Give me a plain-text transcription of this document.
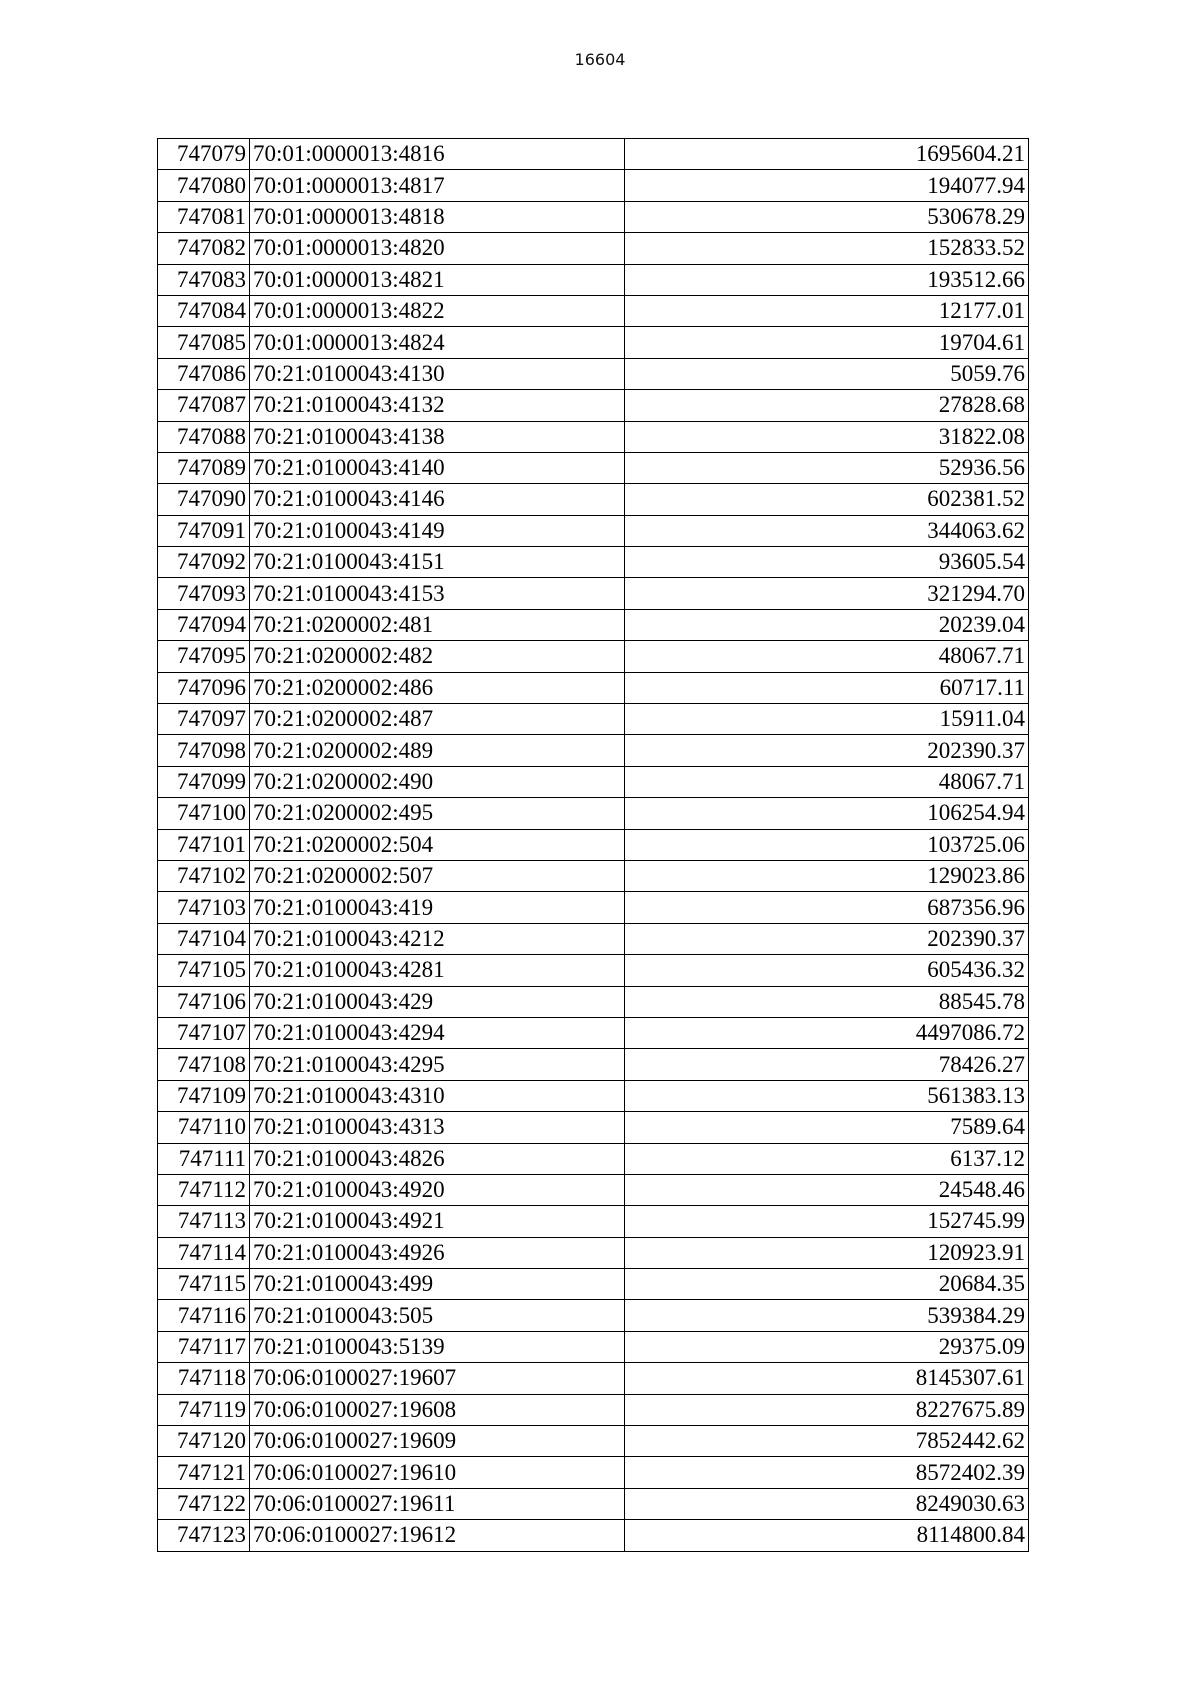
16604
747079	70:01:0000013:4816	1695604.21
747080	70:01:0000013:4817	194077.94
747081	70:01:0000013:4818	530678.29
747082	70:01:0000013:4820	152833.52
747083	70:01:0000013:4821	193512.66
747084	70:01:0000013:4822	12177.01
747085	70:01:0000013:4824	19704.61
747086	70:21:0100043:4130	5059.76
747087	70:21:0100043:4132	27828.68
747088	70:21:0100043:4138	31822.08
747089	70:21:0100043:4140	52936.56
747090	70:21:0100043:4146	602381.52
747091	70:21:0100043:4149	344063.62
747092	70:21:0100043:4151	93605.54
747093	70:21:0100043:4153	321294.70
747094	70:21:0200002:481	20239.04
747095	70:21:0200002:482	48067.71
747096	70:21:0200002:486	60717.11
747097	70:21:0200002:487	15911.04
747098	70:21:0200002:489	202390.37
747099	70:21:0200002:490	48067.71
747100	70:21:0200002:495	106254.94
747101	70:21:0200002:504	103725.06
747102	70:21:0200002:507	129023.86
747103	70:21:0100043:419	687356.96
747104	70:21:0100043:4212	202390.37
747105	70:21:0100043:4281	605436.32
747106	70:21:0100043:429	88545.78
747107	70:21:0100043:4294	4497086.72
747108	70:21:0100043:4295	78426.27
747109	70:21:0100043:4310	561383.13
747110	70:21:0100043:4313	7589.64
747111	70:21:0100043:4826	6137.12
747112	70:21:0100043:4920	24548.46
747113	70:21:0100043:4921	152745.99
747114	70:21:0100043:4926	120923.91
747115	70:21:0100043:499	20684.35
747116	70:21:0100043:505	539384.29
747117	70:21:0100043:5139	29375.09
747118	70:06:0100027:19607	8145307.61
747119	70:06:0100027:19608	8227675.89
747120	70:06:0100027:19609	7852442.62
747121	70:06:0100027:19610	8572402.39
747122	70:06:0100027:19611	8249030.63
747123	70:06:0100027:19612	8114800.84
